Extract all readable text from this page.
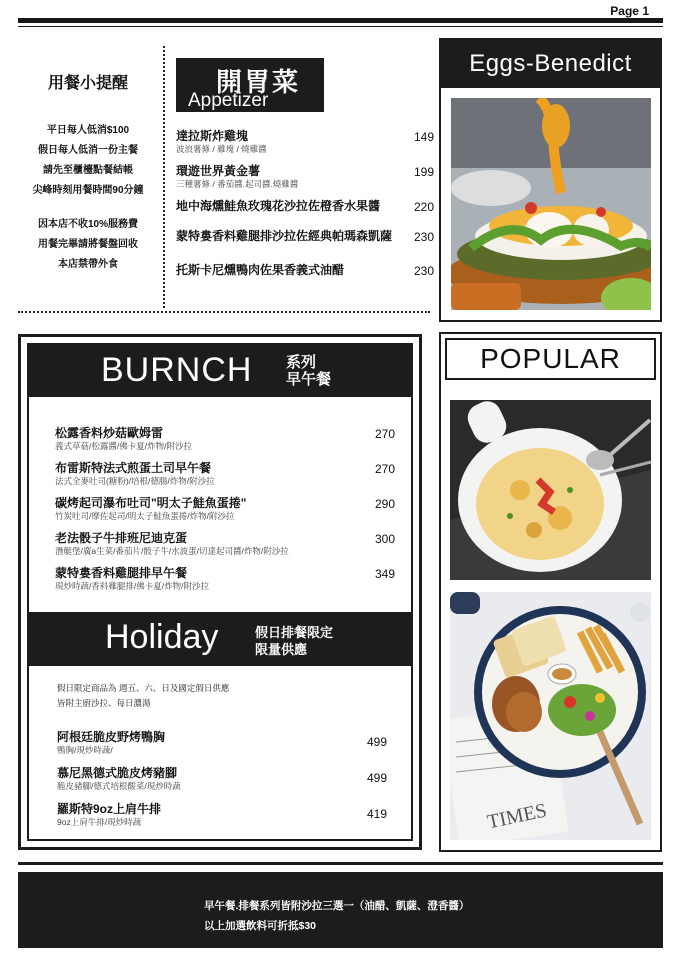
Page 1
用餐小提醒

平日每人低消$100

假日每人低消一份主餐

請先至櫃檯點餐結帳

尖峰時刻用餐時間90分鐘

因本店不收10%服務費

用餐完畢請將餐盤回收

本店禁帶外食

開胃菜
Appetizer
達拉斯炸雞塊
波浪薯條 / 雞塊 / 燒雞醬
149
環遊世界黃金薯
三種薯條 / 番茄醬.起司醬.燒雞醬
199
地中海燻鮭魚玫瑰花沙拉佐橙香水果醬	220
蒙特婁香料雞腿排沙拉佐經典帕瑪森凱薩	230
托斯卡尼燻鴨肉佐果香義式油醋	230
Eggs-Benedict
BURNCH 系列
早午餐
松露香料炒菇歐姆雷
義式草菇/松露醬/佛卡夏/炸物/附沙拉
270
布雷斯特法式煎蛋土司早午餐
法式全麥吐司(糖粉)/培根/德腸/炸物/附沙拉
270
碳烤起司瀑布吐司"明太子鮭魚蛋捲"
竹炭吐司/摩佐起司/明太子鮭魚蛋捲/炸物/附沙拉
290
老法骰子牛排班尼迪克蛋
潛艇堡/廣a生菜/番茄片/骰子牛/水波蛋/切達起司醬/炸物/附沙拉
300
蒙特婁香料雞腿排早午餐
現炒時蔬/香料雞腿排/佛卡夏/炸物/附沙拉
349
Holiday	假日排餐限定
限量供應
假日限定商品為 週五、六、日及國定假日供應
皆附主廚沙拉、每日濃湯
阿根廷脆皮野烤鴨胸
鴨胸/現炒時蔬/
499
慕尼黑德式脆皮烤豬腳
脆皮豬腳/德式培根酸菜/現炒時蔬
499
羅斯特9oz上肩牛排
9oz上肩牛排/現炒時蔬
419
POPULAR
TIMES

早午餐.排餐系列皆附沙拉三選一（油醋、凱薩、澄香醬）

以上加選飲料可折抵$30
